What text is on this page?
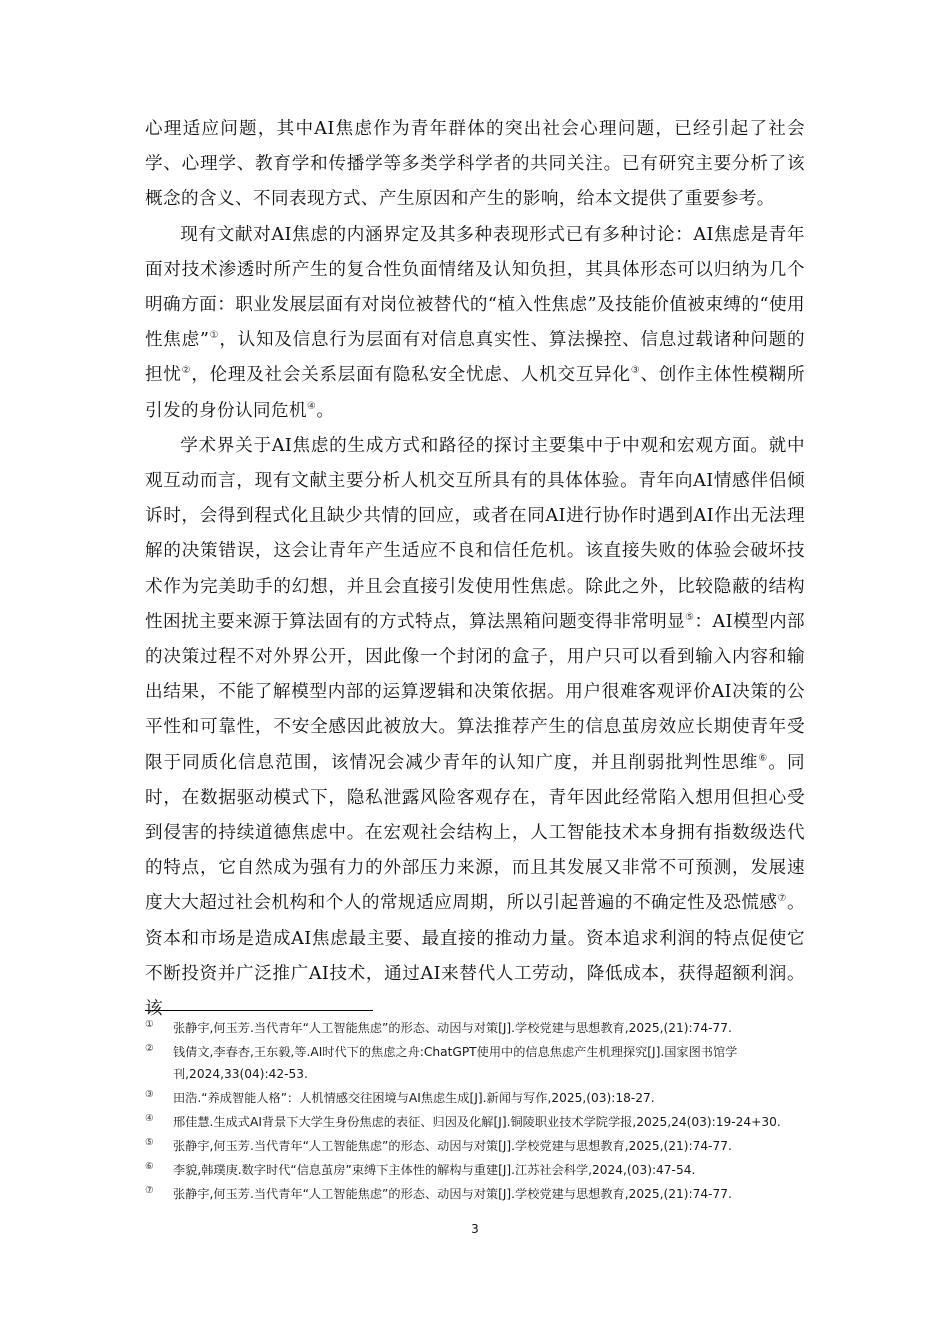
心理适应问题，其中AI焦虑作为青年群体的突出社会心理问题，已经引起了社会学、心理学、教育学和传播学等多类学科学者的共同关注。已有研究主要分析了该概念的含义、不同表现方式、产生原因和产生的影响，给本文提供了重要参考。

现有文献对AI焦虑的内涵界定及其多种表现形式已有多种讨论：AI焦虑是青年面对技术渗透时所产生的复合性负面情绪及认知负担，其具体形态可以归纳为几个明确方面：职业发展层面有对岗位被替代的“植入性焦虑”及技能价值被束缚的“使用性焦虑”①，认知及信息行为层面有对信息真实性、算法操控、信息过载诸种问题的担忧②，伦理及社会关系层面有隐私安全忧虑、人机交互异化③、创作主体性模糊所引发的身份认同危机④。

学术界关于AI焦虑的生成方式和路径的探讨主要集中于中观和宏观方面。就中观互动而言，现有文献主要分析人机交互所具有的具体体验。青年向AI情感伴侣倾诉时，会得到程式化且缺少共情的回应，或者在同AI进行协作时遇到AI作出无法理解的决策错误，这会让青年产生适应不良和信任危机。该直接失败的体验会破坏技术作为完美助手的幻想，并且会直接引发使用性焦虑。除此之外，比较隐蔽的结构性困扰主要来源于算法固有的方式特点，算法黑箱问题变得非常明显⑤：AI模型内部的决策过程不对外界公开，因此像一个封闭的盒子，用户只可以看到输入内容和输出结果，不能了解模型内部的运算逻辑和决策依据。用户很难客观评价AI决策的公平性和可靠性，不安全感因此被放大。算法推荐产生的信息茧房效应长期使青年受限于同质化信息范围，该情况会减少青年的认知广度，并且削弱批判性思维⑥。同时，在数据驱动模式下，隐私泄露风险客观存在，青年因此经常陷入想用但担心受到侵害的持续道德焦虑中。在宏观社会结构上，人工智能技术本身拥有指数级迭代的特点，它自然成为强有力的外部压力来源，而且其发展又非常不可预测，发展速度大大超过社会机构和个人的常规适应周期，所以引起普遍的不确定性及恐慌感⑦。资本和市场是造成AI焦虑最主要、最直接的推动力量。资本追求利润的特点促使它不断投资并广泛推广AI技术，通过AI来替代人工劳动，降低成本，获得超额利润。该

① 张静宇,何玉芳.当代青年“人工智能焦虑”的形态、动因与对策[J].学校党建与思想教育,2025,(21):74-77.
② 钱倩文,李春杏,王东毅,等.AI时代下的焦虑之舟:ChatGPT使用中的信息焦虑产生机理探究[J].国家图书馆学刊,2024,33(04):42-53.
③ 田浩.“养成智能人格”：人机情感交往困境与AI焦虑生成[J].新闻与写作,2025,(03):18-27.
④ 邢佳慧.生成式AI背景下大学生身份焦虑的表征、归因及化解[J].铜陵职业技术学院学报,2025,24(03):19-24+30.
⑤ 张静宇,何玉芳.当代青年“人工智能焦虑”的形态、动因与对策[J].学校党建与思想教育,2025,(21):74-77.
⑥ 李貌,韩璞庚.数字时代“信息茧房”束缚下主体性的解构与重建[J].江苏社会科学,2024,(03):47-54.
⑦ 张静宇,何玉芳.当代青年“人工智能焦虑”的形态、动因与对策[J].学校党建与思想教育,2025,(21):74-77.
3
